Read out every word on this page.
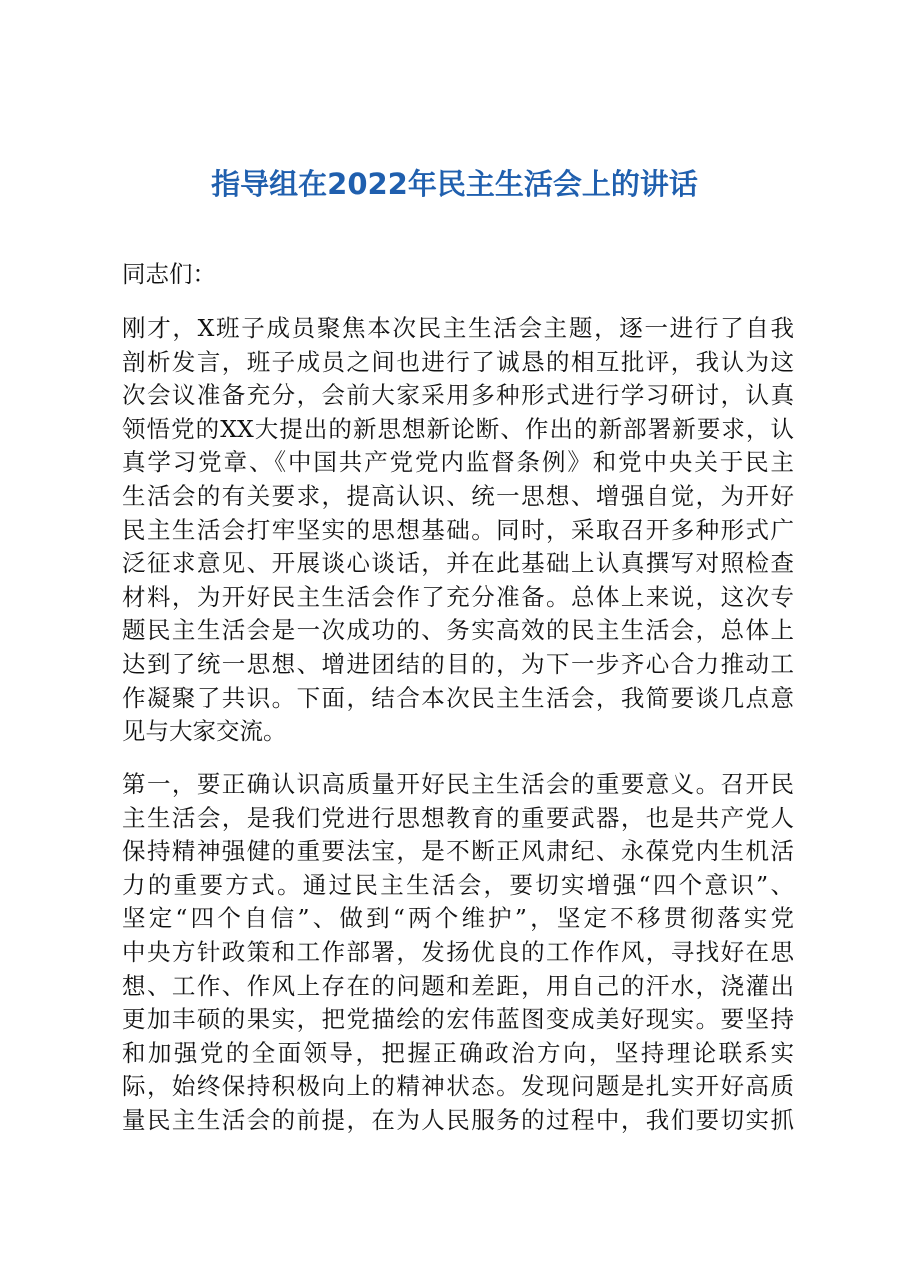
指导组在2022年民主生活会上的讲话

同志们：

刚才，X班子成员聚焦本次民主生活会主题，逐一进行了自我
剖析发言，班子成员之间也进行了诚恳的相互批评，我认为这
次会议准备充分，会前大家采用多种形式进行学习研讨，认真
领悟党的XX大提出的新思想新论断、作出的新部署新要求，认
真学习党章、《中国共产党党内监督条例》和党中央关于民主
生活会的有关要求，提高认识、统一思想、增强自觉，为开好
民主生活会打牢坚实的思想基础。同时，采取召开多种形式广
泛征求意见、开展谈心谈话，并在此基础上认真撰写对照检查
材料，为开好民主生活会作了充分准备。总体上来说，这次专
题民主生活会是一次成功的、务实高效的民主生活会，总体上
达到了统一思想、增进团结的目的，为下一步齐心合力推动工
作凝聚了共识。下面，结合本次民主生活会，我简要谈几点意
见与大家交流。
第一，要正确认识高质量开好民主生活会的重要意义。召开民
主生活会，是我们党进行思想教育的重要武器，也是共产党人
保持精神强健的重要法宝，是不断正风肃纪、永葆党内生机活
力的重要方式。通过民主生活会，要切实增强“四个意识”、
坚定“四个自信”、做到“两个维护”，坚定不移贯彻落实党
中央方针政策和工作部署，发扬优良的工作作风，寻找好在思
想、工作、作风上存在的问题和差距，用自己的汗水，浇灌出
更加丰硕的果实，把党描绘的宏伟蓝图变成美好现实。要坚持
和加强党的全面领导，把握正确政治方向，坚持理论联系实
际，始终保持积极向上的精神状态。发现问题是扎实开好高质
量民主生活会的前提，在为人民服务的过程中，我们要切实抓
